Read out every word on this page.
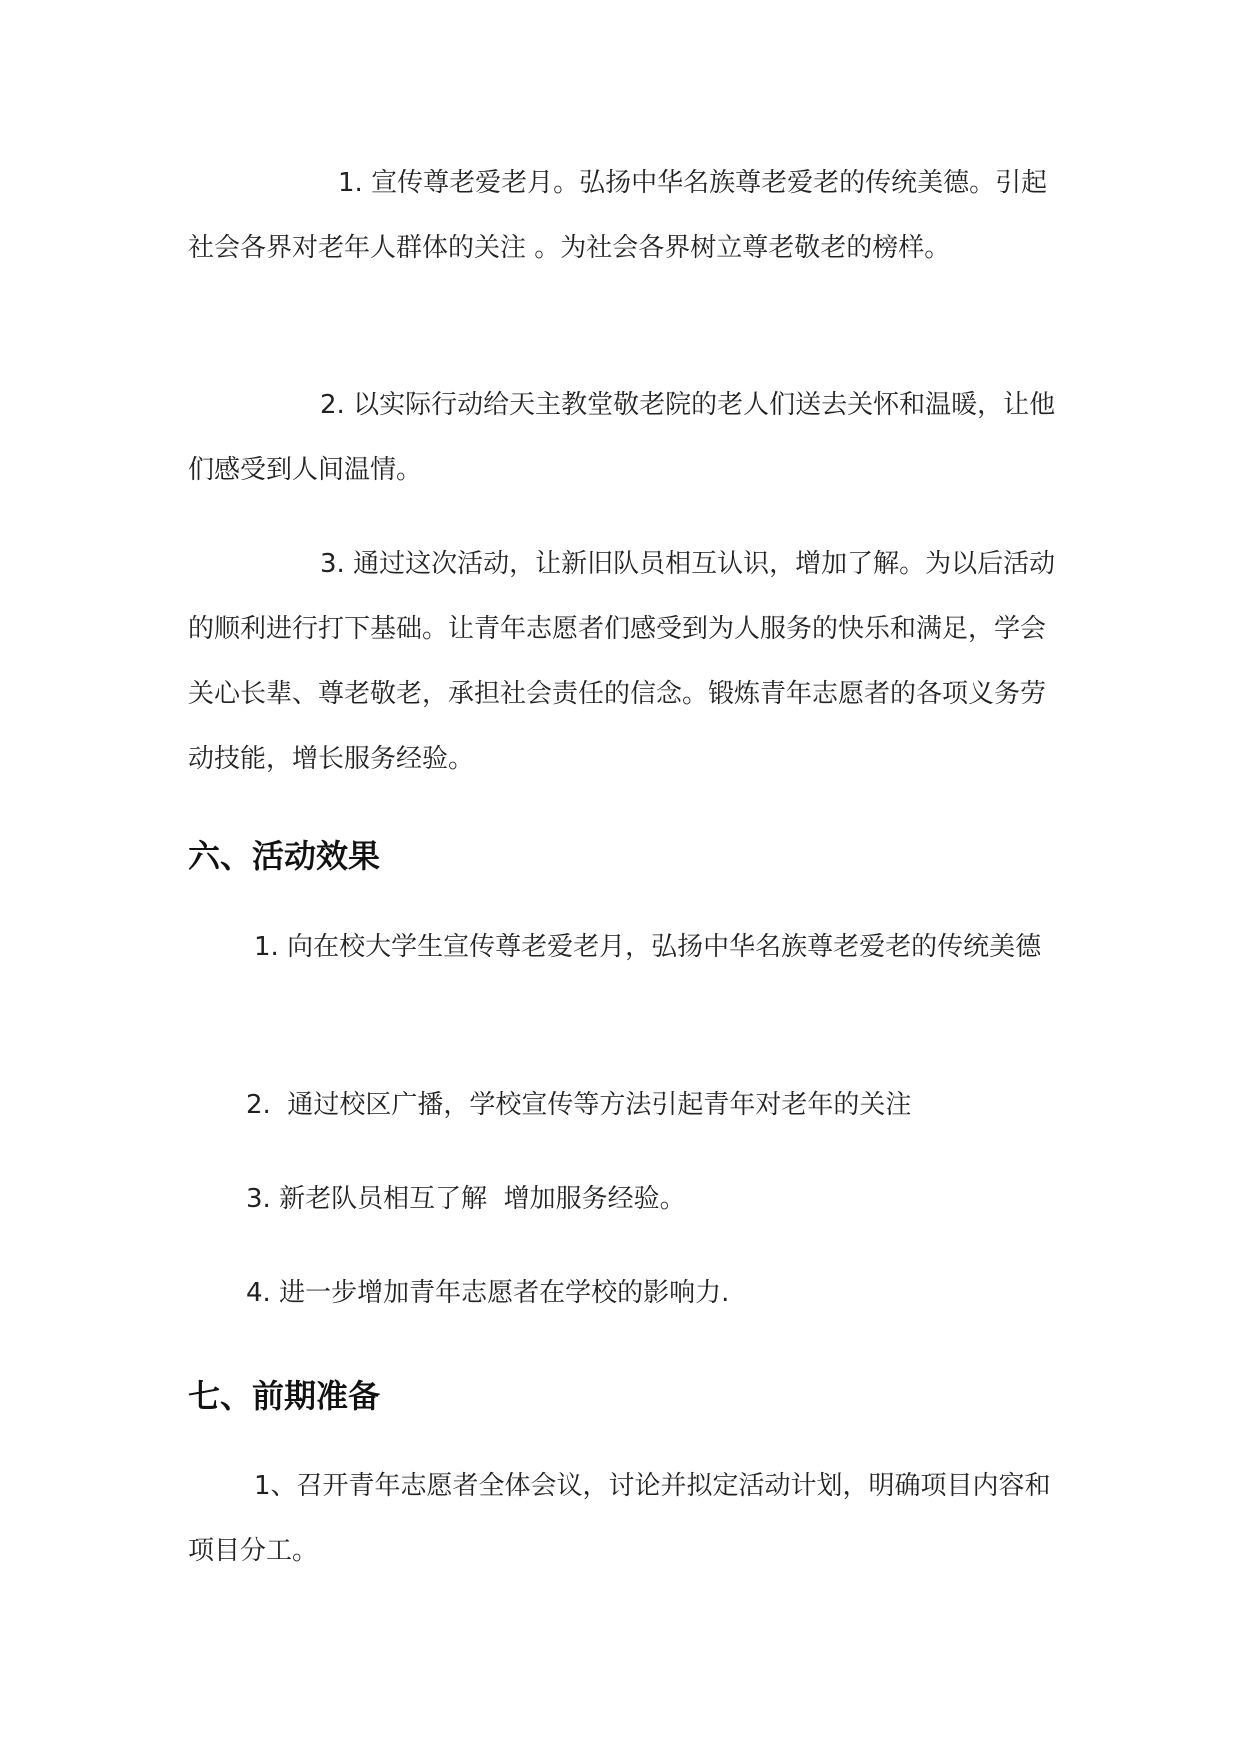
1. 宣传尊老爱老月。弘扬中华名族尊老爱老的传统美德。引起社会各界对老年人群体的关注 。为社会各界树立尊老敬老的榜样。

2. 以实际行动给天主教堂敬老院的老人们送去关怀和温暖，让他们感受到人间温情。

3. 通过这次活动，让新旧队员相互认识，增加了解。为以后活动的顺利进行打下基础。让青年志愿者们感受到为人服务的快乐和满足，学会关心长辈、尊老敬老，承担社会责任的信念。锻炼青年志愿者的各项义务劳动技能，增长服务经验。

六、活动效果

1. 向在校大学生宣传尊老爱老月，弘扬中华名族尊老爱老的传统美德

2.  通过校区广播，学校宣传等方法引起青年对老年的关注

3. 新老队员相互了解  增加服务经验。

4. 进一步增加青年志愿者在学校的影响力.

七、前期准备

1、召开青年志愿者全体会议，讨论并拟定活动计划，明确项目内容和项目分工。
